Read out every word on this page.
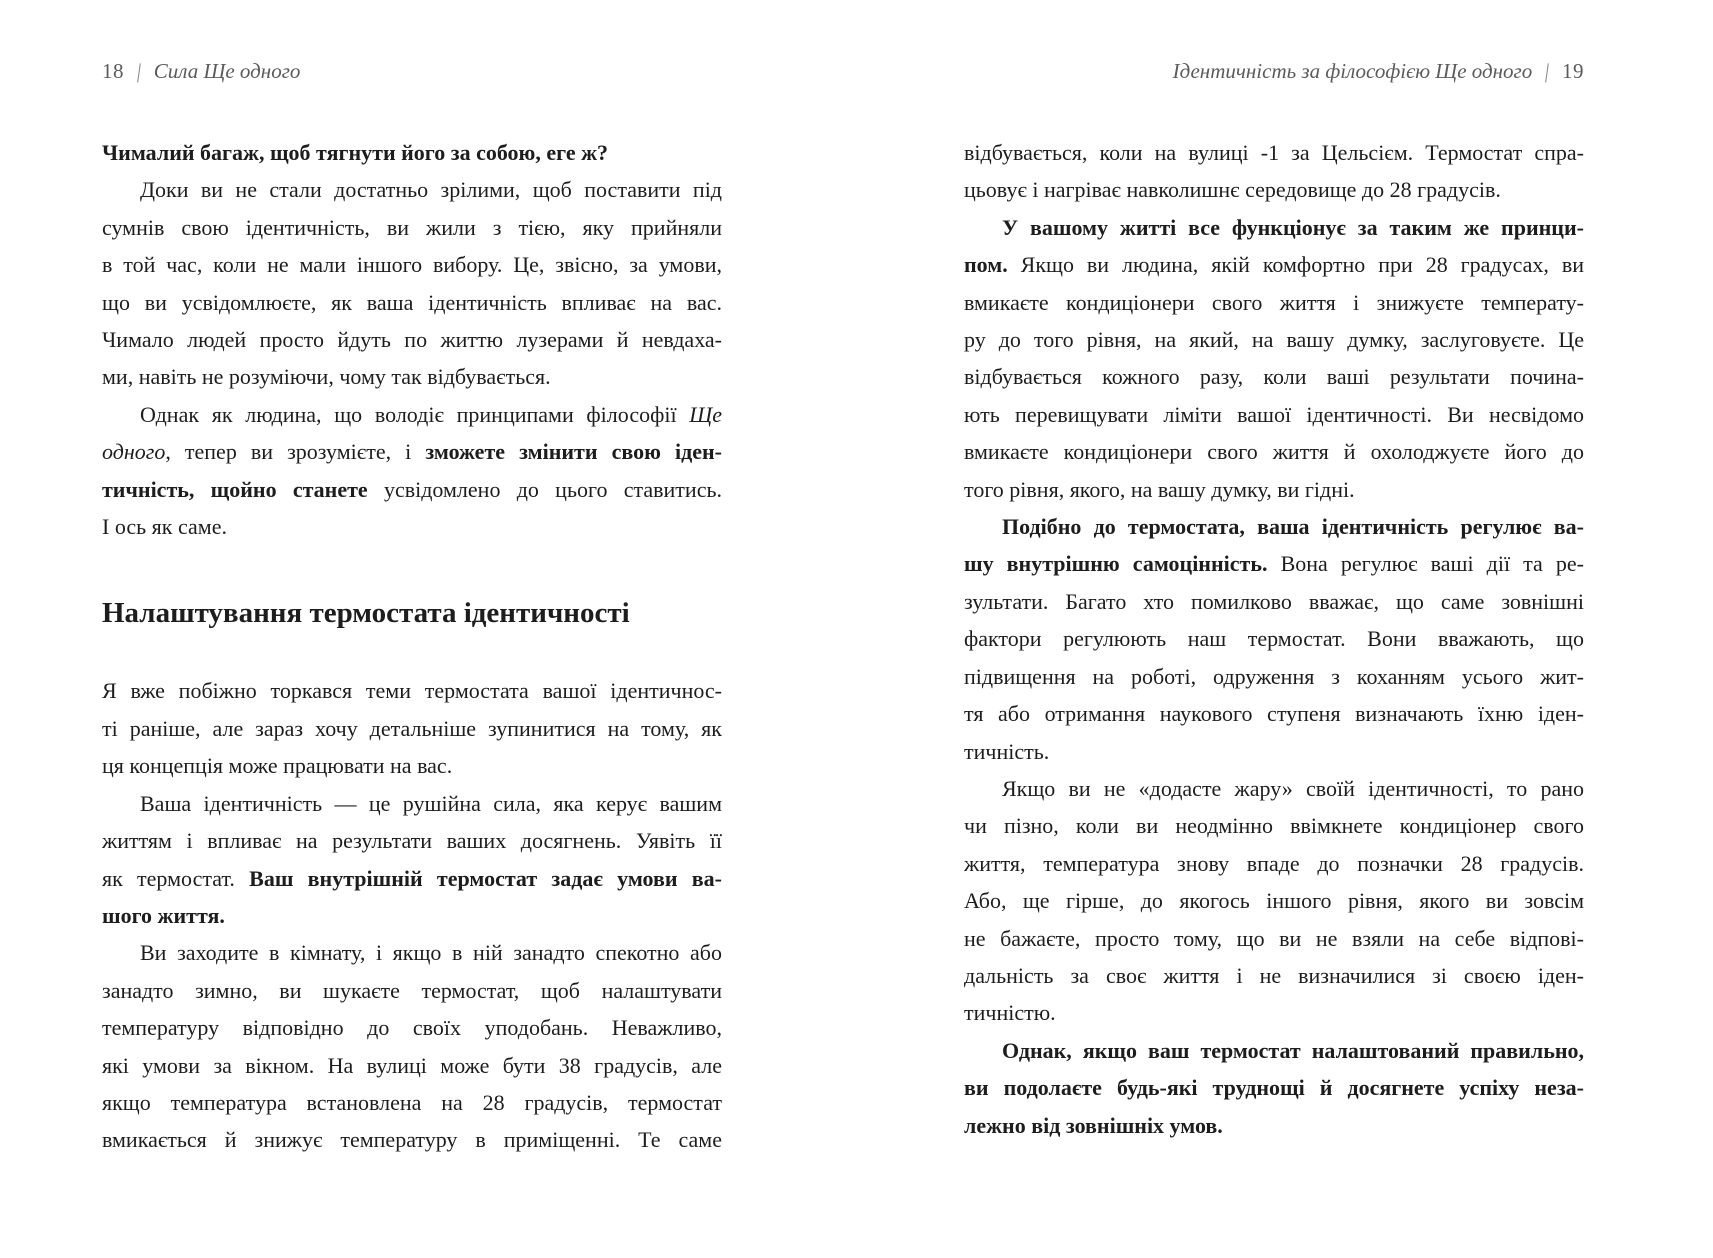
18 | Сила Ще одного
Чималий багаж, щоб тягнути його за собою, еге ж?
Доки ви не стали достатньо зрілими, щоб поставити під
сумнів свою ідентичність, ви жили з тією, яку прийняли
в той час, коли не мали іншого вибору. Це, звісно, за умови,
що ви усвідомлюєте, як ваша ідентичність впливає на вас.
Чимало людей просто йдуть по життю лузерами й невдаха-
ми, навіть не розуміючи, чому так відбувається.
Однак як людина, що володіє принципами філософії Ще
одного, тепер ви зрозумієте, і зможете змінити свою іден-
тичність, щойно станете усвідомлено до цього ставитись.
І ось як саме.
Налаштування термостата ідентичності
Я вже побіжно торкався теми термостата вашої ідентичнос-
ті раніше, але зараз хочу детальніше зупинитися на тому, як
ця концепція може працювати на вас.
Ваша ідентичність — це рушійна сила, яка керує вашим
життям і впливає на результати ваших досягнень. Уявіть її
як термостат. Ваш внутрішній термостат задає умови ва-
шого життя.
Ви заходите в кімнату, і якщо в ній занадто спекотно або
занадто зимно, ви шукаєте термостат, щоб налаштувати
температуру відповідно до своїх уподобань. Неважливо,
які умови за вікном. На вулиці може бути 38 градусів, але
якщо температура встановлена на 28 градусів, термостат
вмикається й знижує температуру в приміщенні. Те саме
Ідентичність за філософією Ще одного | 19
відбувається, коли на вулиці -1 за Цельсієм. Термостат спра-
цьовує і нагріває навколишнє середовище до 28 градусів.
У вашому житті все функціонує за таким же принци-
пом. Якщо ви людина, якій комфортно при 28 градусах, ви
вмикаєте кондиціонери свого життя і знижуєте температу-
ру до того рівня, на який, на вашу думку, заслуговуєте. Це
відбувається кожного разу, коли ваші результати почина-
ють перевищувати ліміти вашої ідентичності. Ви несвідомо
вмикаєте кондиціонери свого життя й охолоджуєте його до
того рівня, якого, на вашу думку, ви гідні.
Подібно до термостата, ваша ідентичність регулює ва-
шу внутрішню самоцінність. Вона регулює ваші дії та ре-
зультати. Багато хто помилково вважає, що саме зовнішні
фактори регулюють наш термостат. Вони вважають, що
підвищення на роботі, одруження з коханням усього жит-
тя або отримання наукового ступеня визначають їхню іден-
тичність.
Якщо ви не «додасте жару» своїй ідентичності, то рано
чи пізно, коли ви неодмінно ввімкнете кондиціонер свого
життя, температура знову впаде до позначки 28 градусів.
Або, ще гірше, до якогось іншого рівня, якого ви зовсім
не бажаєте, просто тому, що ви не взяли на себе відпові-
дальність за своє життя і не визначилися зі своєю іден-
тичністю.
Однак, якщо ваш термостат налаштований правильно,
ви подолаєте будь-які труднощі й досягнете успіху неза-
лежно від зовнішніх умов.
